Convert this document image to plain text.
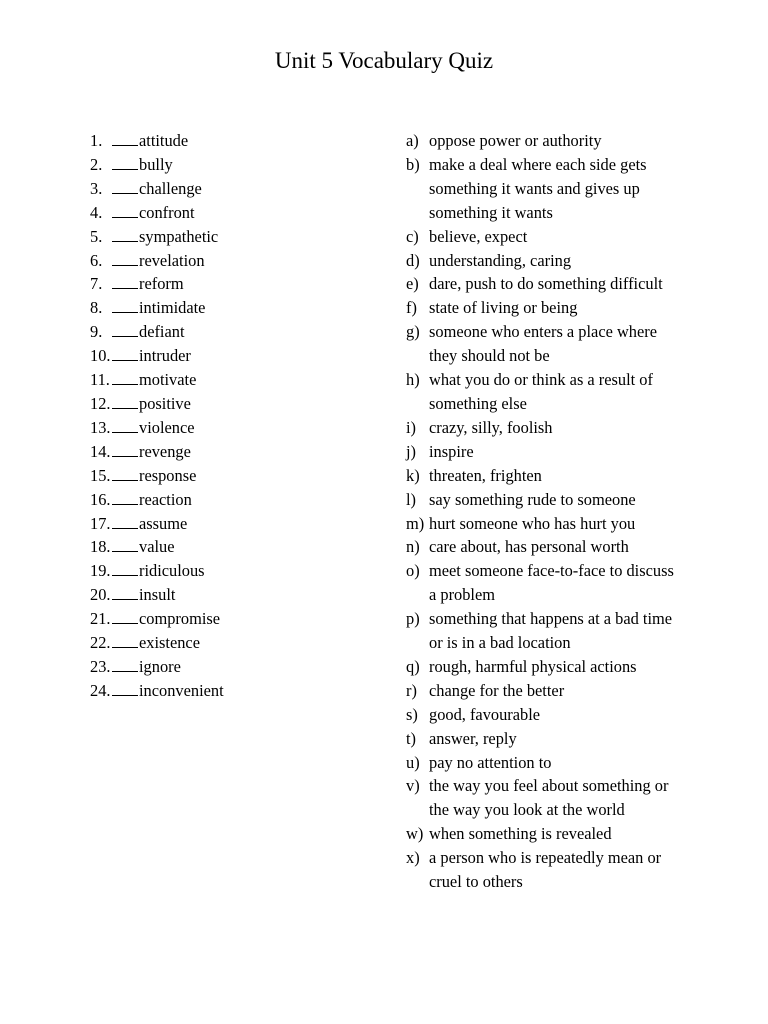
Unit 5 Vocabulary Quiz
1.	attitude
2.	bully
3.	challenge
4.	confront
5.	sympathetic
6.	revelation
7.	reform
8.	intimidate
9.	defiant
10. intruder
11. motivate
12. positive
13. violence
14. revenge
15. response
16. reaction
17. assume
18. value
19. ridiculous
20. insult
21. compromise
22. existence
23. ignore
24. inconvenient
a) oppose power or authority
b) make a deal where each side gets something it wants and gives up something it wants
c) believe, expect
d) understanding, caring
e) dare, push to do something difficult
f) state of living or being
g) someone who enters a place where they should not be
h) what you do or think as a result of something else
i) crazy, silly, foolish
j) inspire
k) threaten, frighten
l) say something rude to someone
m) hurt someone who has hurt you
n) care about, has personal worth
o) meet someone face-to-face to discuss a problem
p) something that happens at a bad time or is in a bad location
q) rough, harmful physical actions
r) change for the better
s) good, favourable
t) answer, reply
u) pay no attention to
v) the way you feel about something or the way you look at the world
w) when something is revealed
x) a person who is repeatedly mean or cruel to others
